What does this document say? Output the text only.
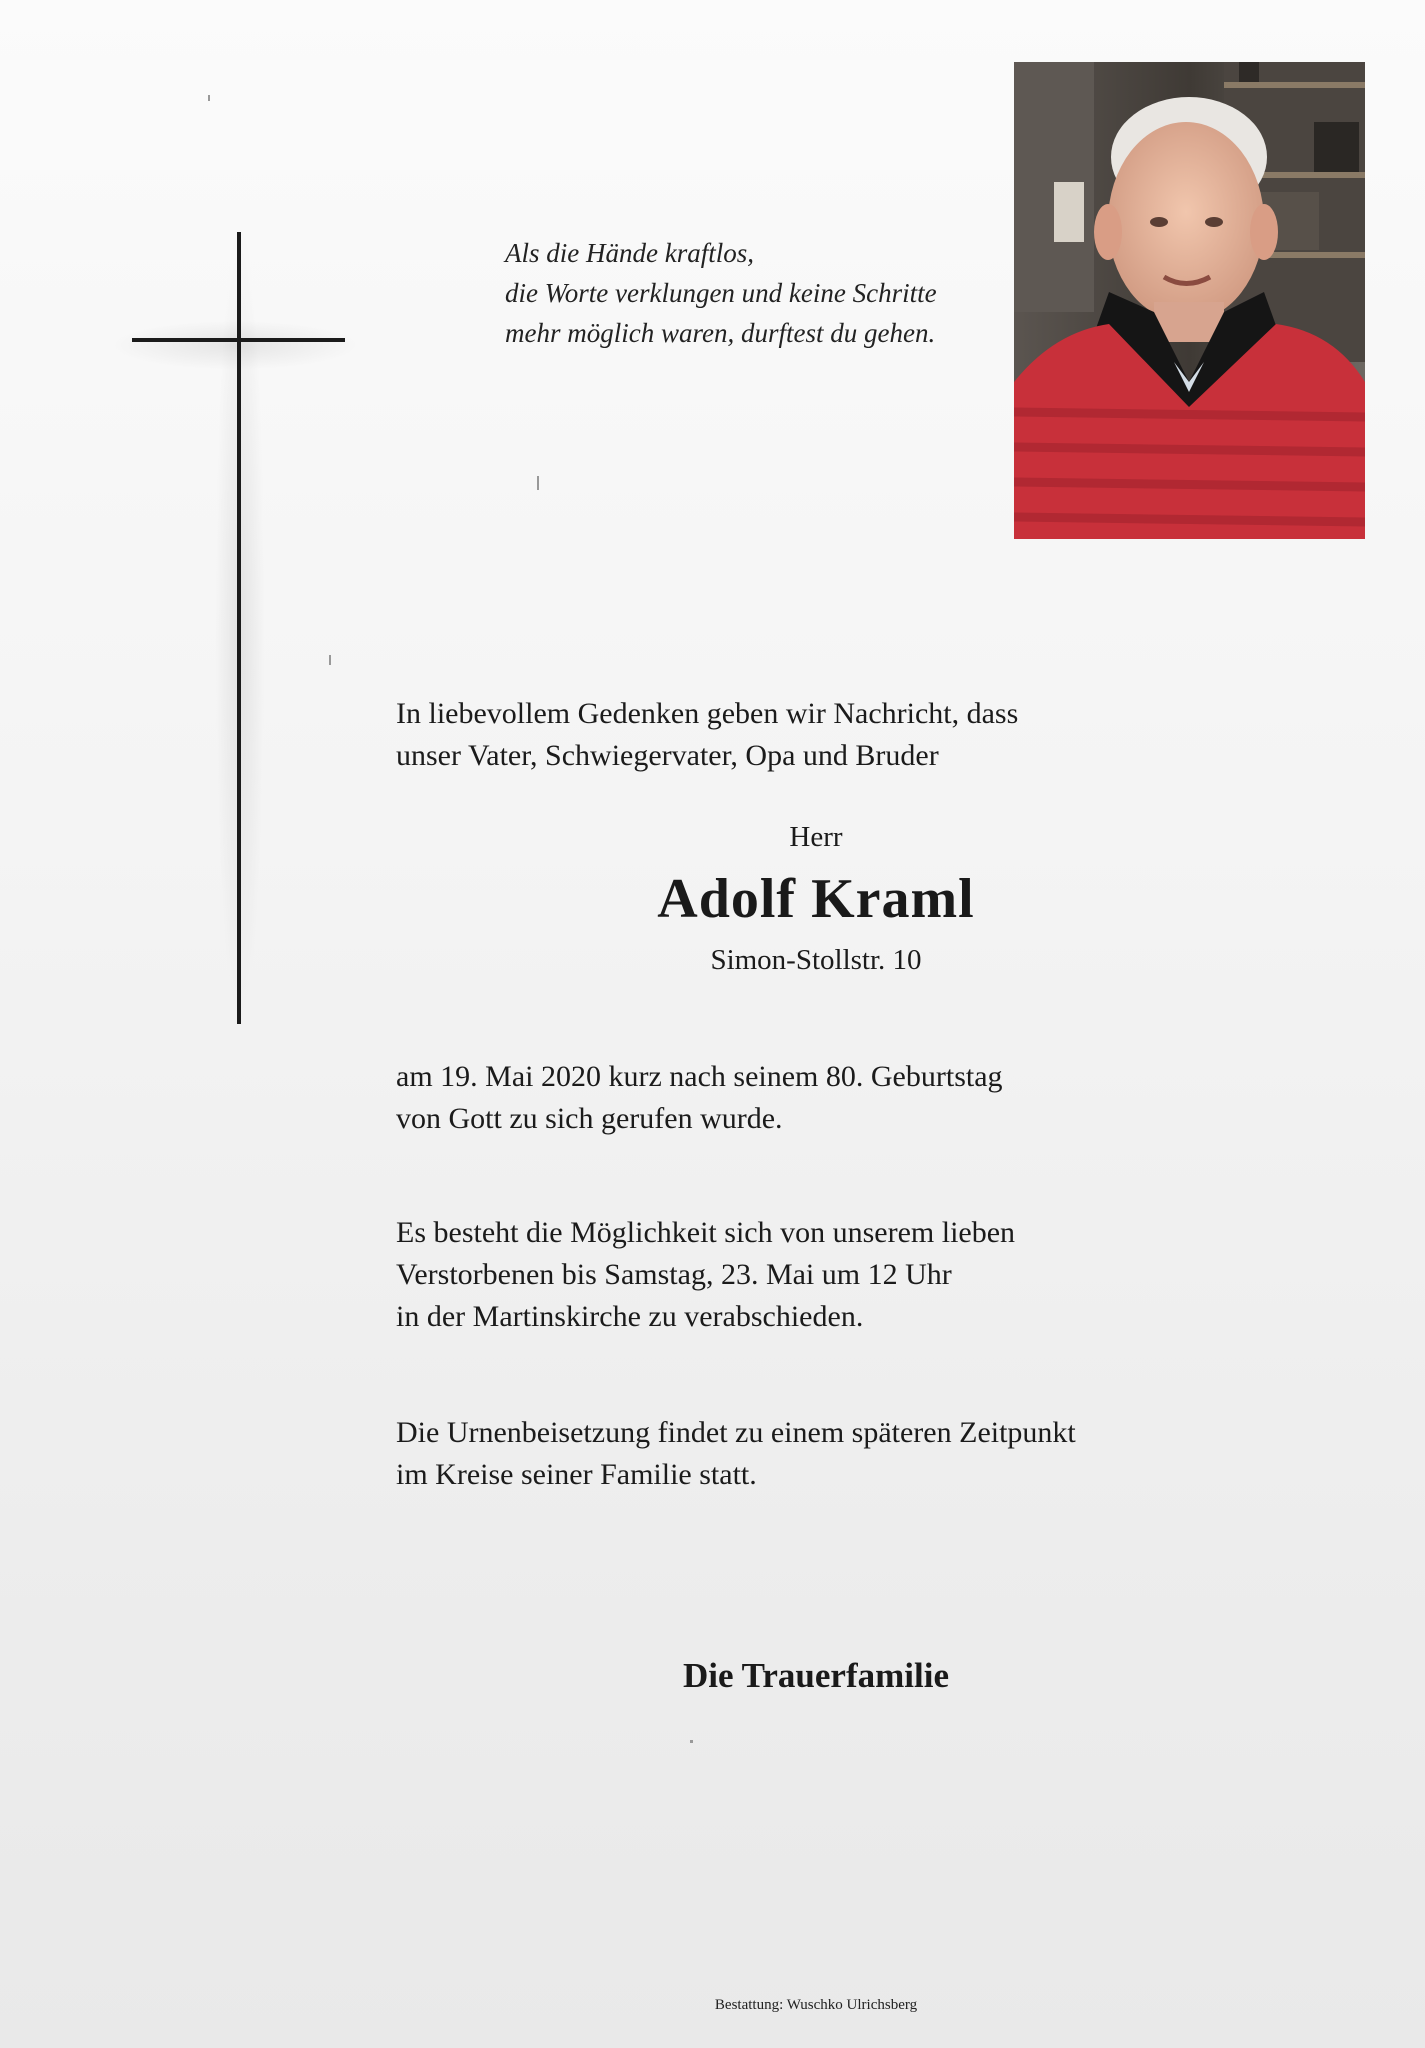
Als die Hände kraftlos,
die Worte verklungen und keine Schritte
mehr möglich waren, durftest du gehen.
In liebevollem Gedenken geben wir Nachricht, dass
unser Vater, Schwiegervater, Opa und Bruder
Herr
Adolf Kraml
Simon-Stollstr. 10
am 19. Mai 2020 kurz nach seinem 80. Geburtstag
von Gott zu sich gerufen wurde.
Es besteht die Möglichkeit sich von unserem lieben
Verstorbenen bis Samstag, 23. Mai um 12 Uhr
in der Martinskirche zu verabschieden.
Die Urnenbeisetzung findet zu einem späteren Zeitpunkt
im Kreise seiner Familie statt.
Die Trauerfamilie
Bestattung: Wuschko Ulrichsberg
